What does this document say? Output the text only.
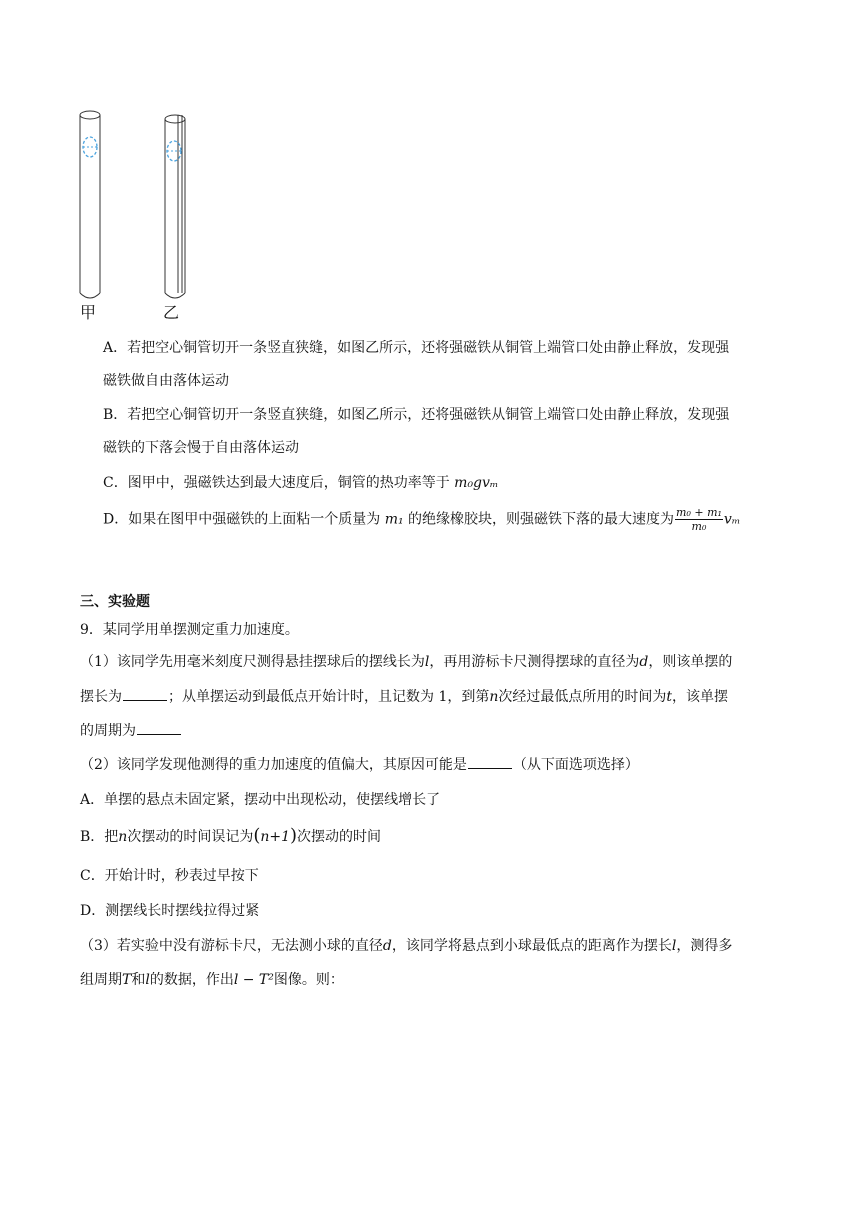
甲	乙
A．若把空心铜管切开一条竖直狭缝，如图乙所示，还将强磁铁从铜管上端管口处由静止释放，发现强
磁铁做自由落体运动
B．若把空心铜管切开一条竖直狭缝，如图乙所示，还将强磁铁从铜管上端管口处由静止释放，发现强
磁铁的下落会慢于自由落体运动
C．图甲中，强磁铁达到最大速度后，铜管的热功率等于 m₀gvₘ
D．如果在图甲中强磁铁的上面粘一个质量为 m₁ 的绝缘橡胶块，则强磁铁下落的最大速度为 $\frac{\text{m₀ + m₁}}{\text{m₀}}$ vₘ
三、实验题
9．某同学用单摆测定重力加速度。
（1）该同学先用毫米刻度尺测得悬挂摆球后的摆线长为l，再用游标卡尺测得摆球的直径为d，则该单摆的
摆长为	；从单摆运动到最低点开始计时，且记数为 1，到第n次经过最低点所用的时间为t，该单摆
的周期为
（2）该同学发现他测得的重力加速度的值偏大，其原因可能是	（从下面选项选择）
A．单摆的悬点未固定紧，摆动中出现松动，使摆线增长了
B．把n次摆动的时间误记为(n+1)次摆动的时间
C．开始计时，秒表过早按下
D．测摆线长时摆线拉得过紧
（3）若实验中没有游标卡尺，无法测小球的直径d，该同学将悬点到小球最低点的距离作为摆长l，测得多
组周期T和l的数据，作出l − T²图像。则：
